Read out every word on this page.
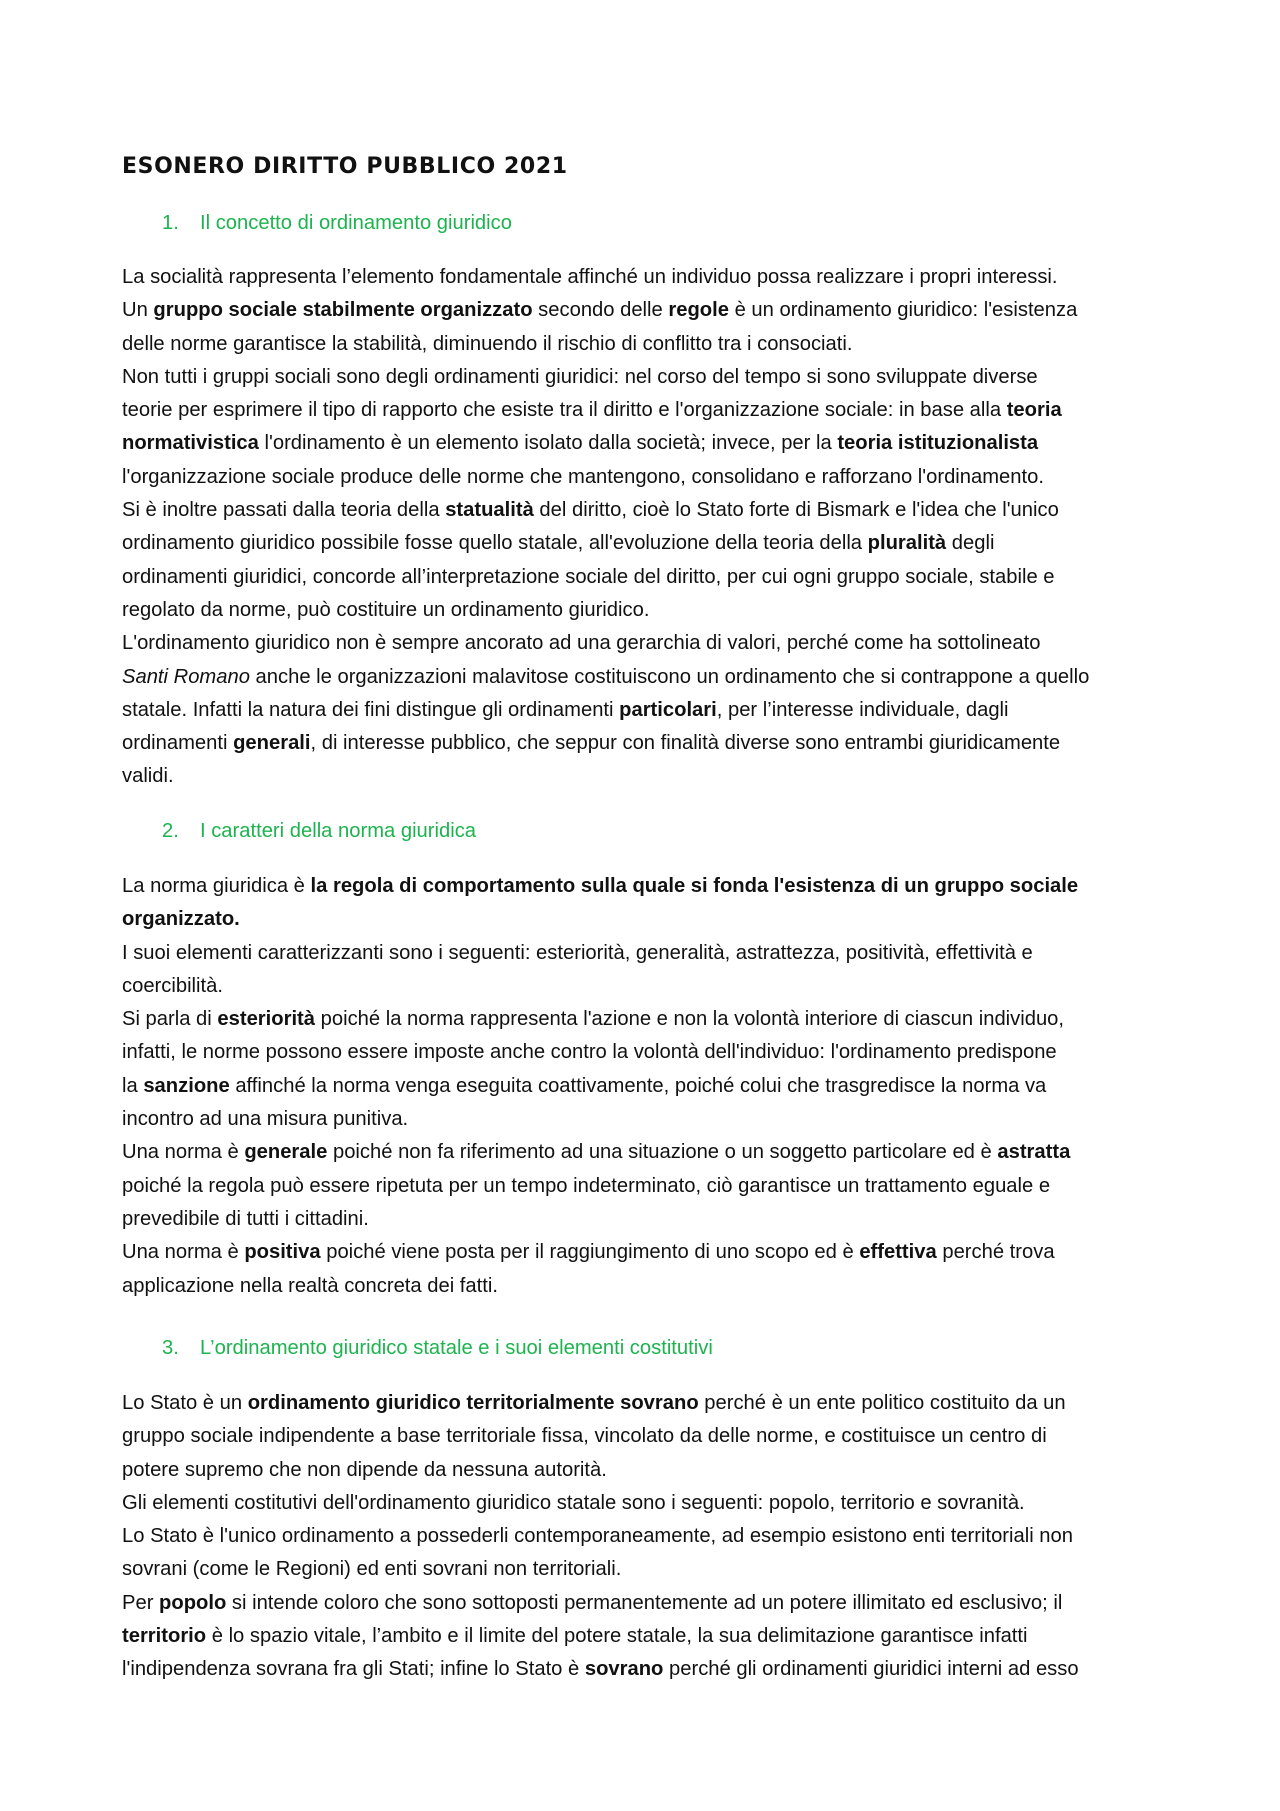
ESONERO DIRITTO PUBBLICO 2021
1. Il concetto di ordinamento giuridico

La socialità rappresenta l’elemento fondamentale affinché un individuo possa realizzare i propri interessi.
Un gruppo sociale stabilmente organizzato secondo delle regole è un ordinamento giuridico: l'esistenza
delle norme garantisce la stabilità, diminuendo il rischio di conflitto tra i consociati.

Non tutti i gruppi sociali sono degli ordinamenti giuridici: nel corso del tempo si sono sviluppate diverse
teorie per esprimere il tipo di rapporto che esiste tra il diritto e l'organizzazione sociale: in base alla teoria
normativistica l'ordinamento è un elemento isolato dalla società; invece, per la teoria istituzionalista
l'organizzazione sociale produce delle norme che mantengono, consolidano e rafforzano l'ordinamento.

Si è inoltre passati dalla teoria della statualità del diritto, cioè lo Stato forte di Bismark e l'idea che l'unico
ordinamento giuridico possibile fosse quello statale, all'evoluzione della teoria della pluralità degli
ordinamenti giuridici, concorde all’interpretazione sociale del diritto, per cui ogni gruppo sociale, stabile e
regolato da norme, può costituire un ordinamento giuridico.

L'ordinamento giuridico non è sempre ancorato ad una gerarchia di valori, perché come ha sottolineato
Santi Romano anche le organizzazioni malavitose costituiscono un ordinamento che si contrappone a quello
statale. Infatti la natura dei fini distingue gli ordinamenti particolari, per l’interesse individuale, dagli
ordinamenti generali, di interesse pubblico, che seppur con finalità diverse sono entrambi giuridicamente
validi.

2. I caratteri della norma giuridica

La norma giuridica è la regola di comportamento sulla quale si fonda l'esistenza di un gruppo sociale
organizzato.

I suoi elementi caratterizzanti sono i seguenti: esteriorità, generalità, astrattezza, positività, effettività e
coercibilità.

Si parla di esteriorità poiché la norma rappresenta l'azione e non la volontà interiore di ciascun individuo,
infatti, le norme possono essere imposte anche contro la volontà dell'individuo: l'ordinamento predispone
la sanzione affinché la norma venga eseguita coattivamente, poiché colui che trasgredisce la norma va
incontro ad una misura punitiva.

Una norma è generale poiché non fa riferimento ad una situazione o un soggetto particolare ed è astratta
poiché la regola può essere ripetuta per un tempo indeterminato, ciò garantisce un trattamento eguale e
prevedibile di tutti i cittadini.

Una norma è positiva poiché viene posta per il raggiungimento di uno scopo ed è effettiva perché trova
applicazione nella realtà concreta dei fatti.

3. L’ordinamento giuridico statale e i suoi elementi costitutivi

Lo Stato è un ordinamento giuridico territorialmente sovrano perché è un ente politico costituito da un
gruppo sociale indipendente a base territoriale fissa, vincolato da delle norme, e costituisce un centro di
potere supremo che non dipende da nessuna autorità.

Gli elementi costitutivi dell'ordinamento giuridico statale sono i seguenti: popolo, territorio e sovranità.

Lo Stato è l'unico ordinamento a possederli contemporaneamente, ad esempio esistono enti territoriali non
sovrani (come le Regioni) ed enti sovrani non territoriali.

Per popolo si intende coloro che sono sottoposti permanentemente ad un potere illimitato ed esclusivo; il
territorio è lo spazio vitale, l’ambito e il limite del potere statale, la sua delimitazione garantisce infatti
l'indipendenza sovrana fra gli Stati; infine lo Stato è sovrano perché gli ordinamenti giuridici interni ad esso
